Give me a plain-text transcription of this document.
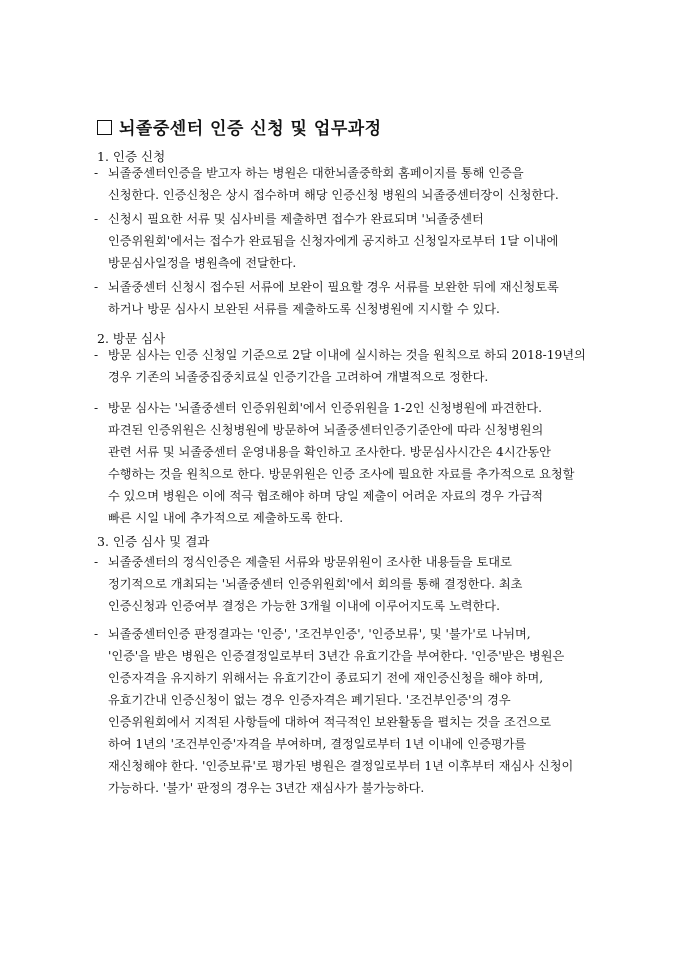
뇌졸중센터 인증 신청 및 업무과정
1. 인증 신청
- 뇌졸중센터인증을 받고자 하는 병원은 대한뇌졸중학회 홈페이지를 통해 인증을
신청한다. 인증신청은 상시 접수하며 해당 인증신청 병원의 뇌졸중센터장이 신청한다.
- 신청시 필요한 서류 및 심사비를 제출하면 접수가 완료되며 '뇌졸중센터
인증위원회'에서는 접수가 완료됨을 신청자에게 공지하고 신청일자로부터 1달 이내에
방문심사일정을 병원측에 전달한다.
- 뇌졸중센터 신청시 접수된 서류에 보완이 필요할 경우 서류를 보완한 뒤에 재신청토록
하거나 방문 심사시 보완된 서류를 제출하도록 신청병원에 지시할 수 있다.
2. 방문 심사
- 방문 심사는 인증 신청일 기준으로 2달 이내에 실시하는 것을 원칙으로 하되 2018-19년의
경우 기존의 뇌졸중집중치료실 인증기간을 고려하여 개별적으로 정한다.
- 방문 심사는 '뇌졸중센터 인증위원회'에서 인증위원을 1-2인 신청병원에 파견한다.
파견된 인증위원은 신청병원에 방문하여 뇌졸중센터인증기준안에 따라 신청병원의
관련 서류 및 뇌졸중센터 운영내용을 확인하고 조사한다. 방문심사시간은 4시간동안
수행하는 것을 원칙으로 한다. 방문위원은 인증 조사에 필요한 자료를 추가적으로 요청할
수 있으며 병원은 이에 적극 협조해야 하며 당일 제출이 어려운 자료의 경우 가급적
빠른 시일 내에 추가적으로 제출하도록 한다.
3. 인증 심사 및 결과
- 뇌졸중센터의 정식인증은 제출된 서류와 방문위원이 조사한 내용들을 토대로
정기적으로 개최되는 '뇌졸중센터 인증위원회'에서 회의를 통해 결정한다. 최초
인증신청과 인증여부 결정은 가능한 3개월 이내에 이루어지도록 노력한다.
- 뇌졸중센터인증 판정결과는 '인증', '조건부인증', '인증보류', 및 '불가'로 나뉘며,
'인증'을 받은 병원은 인증결정일로부터 3년간 유효기간을 부여한다. '인증'받은 병원은
인증자격을 유지하기 위해서는 유효기간이 종료되기 전에 재인증신청을 해야 하며,
유효기간내 인증신청이 없는 경우 인증자격은 폐기된다. '조건부인증'의 경우
인증위원회에서 지적된 사항들에 대하여 적극적인 보완활동을 펼치는 것을 조건으로
하여 1년의 '조건부인증'자격을 부여하며, 결정일로부터 1년 이내에 인증평가를
재신청해야 한다. '인증보류'로 평가된 병원은 결정일로부터 1년 이후부터 재심사 신청이
가능하다. '불가' 판정의 경우는 3년간 재심사가 불가능하다.
